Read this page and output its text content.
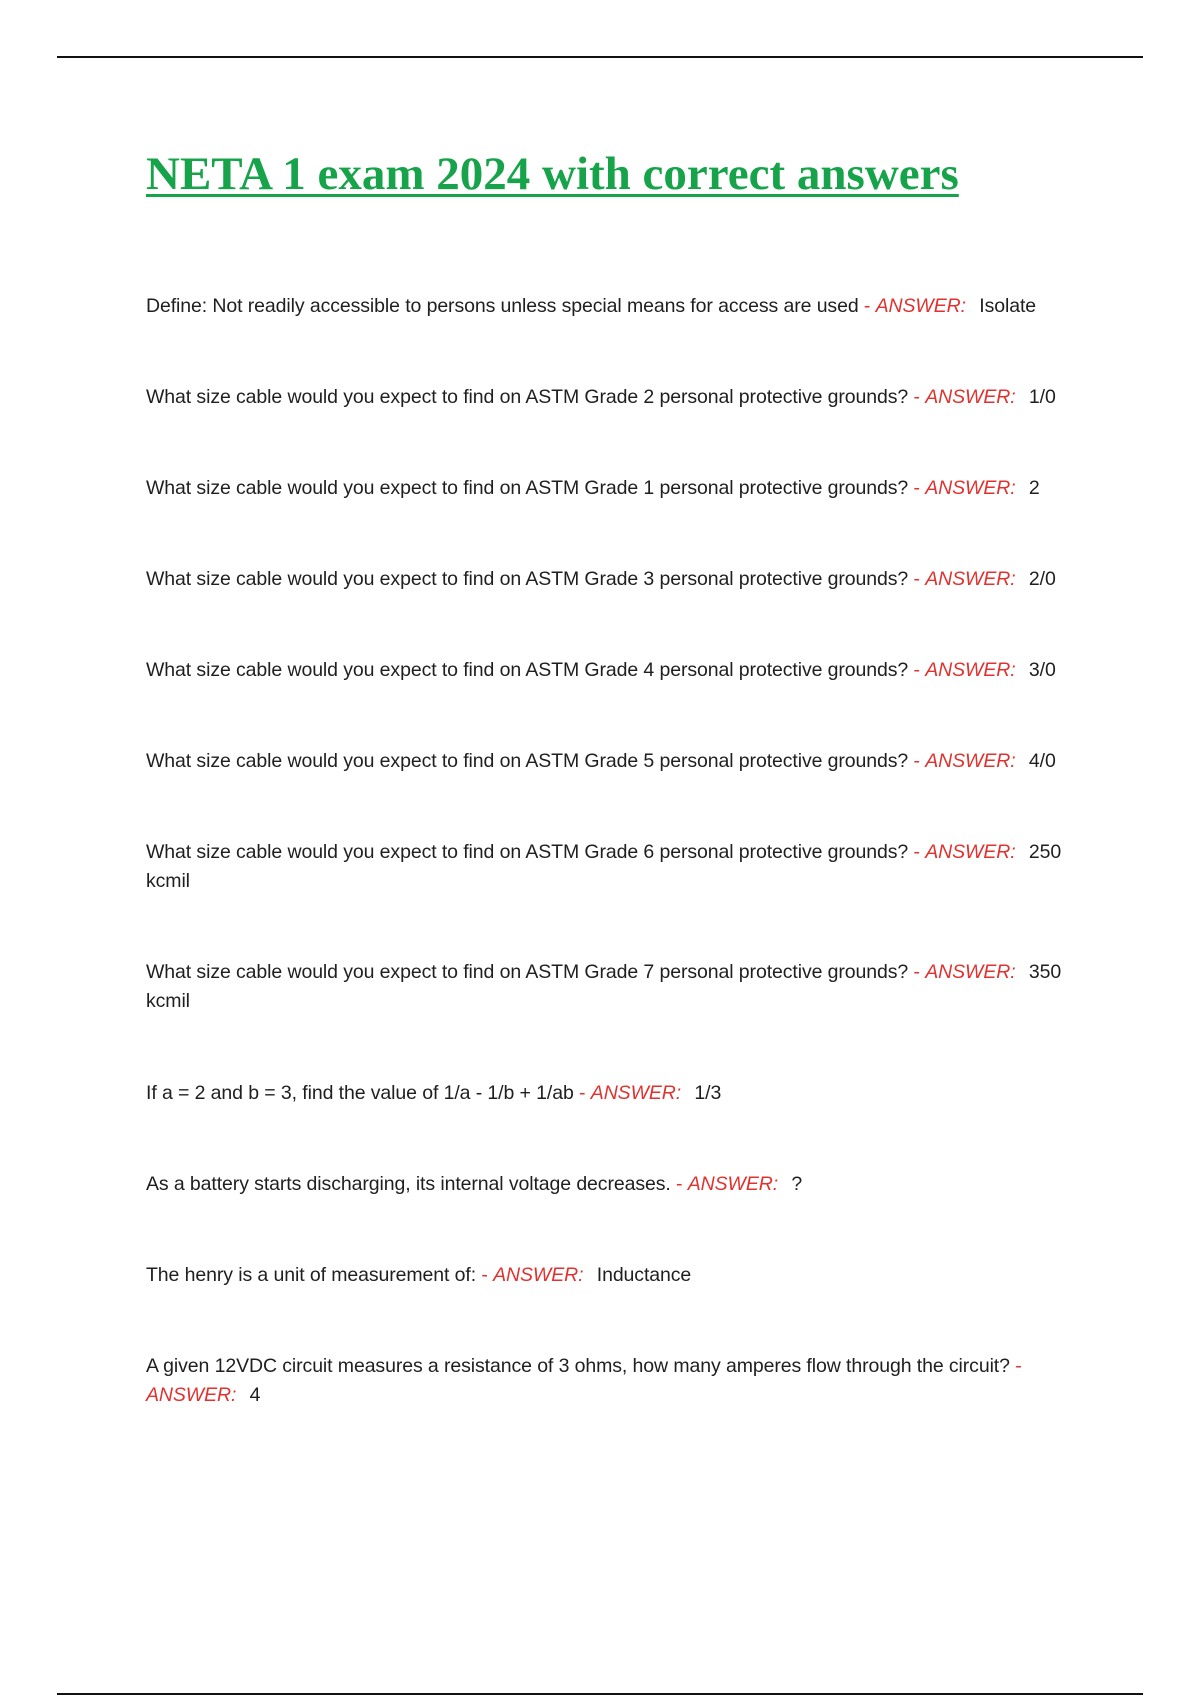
NETA 1 exam 2024 with correct answers

Define: Not readily accessible to persons unless special means for access are used - ANSWER: Isolate

What size cable would you expect to find on ASTM Grade 2 personal protective grounds? - ANSWER: 1/0

What size cable would you expect to find on ASTM Grade 1 personal protective grounds? - ANSWER: 2

What size cable would you expect to find on ASTM Grade 3 personal protective grounds? - ANSWER: 2/0

What size cable would you expect to find on ASTM Grade 4 personal protective grounds? - ANSWER: 3/0

What size cable would you expect to find on ASTM Grade 5 personal protective grounds? - ANSWER: 4/0

What size cable would you expect to find on ASTM Grade 6 personal protective grounds? - ANSWER: 250 kcmil

What size cable would you expect to find on ASTM Grade 7 personal protective grounds? - ANSWER: 350 kcmil

If a = 2 and b = 3, find the value of 1/a - 1/b + 1/ab - ANSWER: 1/3

As a battery starts discharging, its internal voltage decreases. - ANSWER: ?

The henry is a unit of measurement of: - ANSWER: Inductance

A given 12VDC circuit measures a resistance of 3 ohms, how many amperes flow through the circuit? - ANSWER: 4
